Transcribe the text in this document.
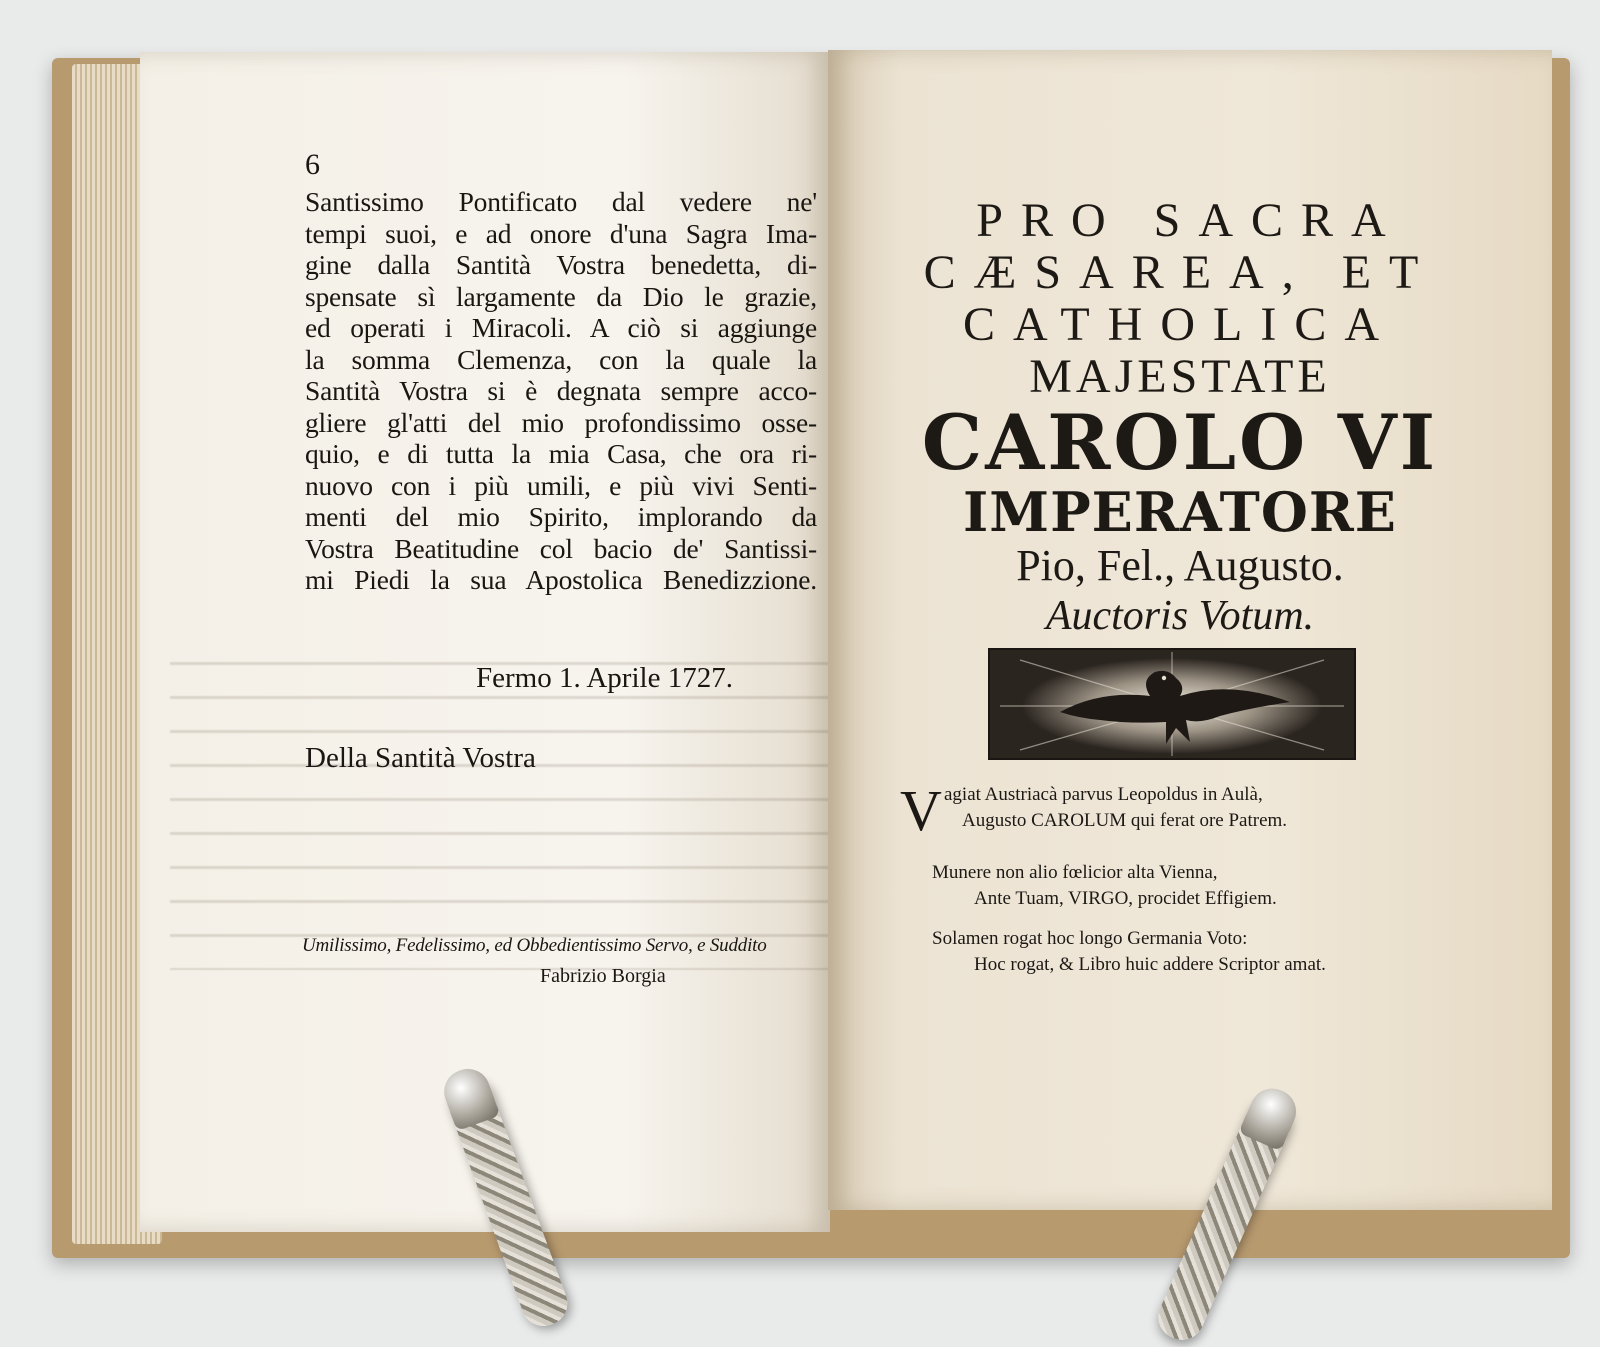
6
Santissimo Pontificato dal vedere ne'
tempi suoi, e ad onore d'una Sagra Ima-
gine dalla Santità Vostra benedetta, di-
spensate sì largamente da Dio le grazie,
ed operati i Miracoli. A ciò si aggiunge
la somma Clemenza, con la quale la
Santità Vostra si è degnata sempre acco-
gliere gl'atti del mio profondissimo osse-
quio, e di tutta la mia Casa, che ora ri-
nuovo con i più umili, e più vivi Senti-
menti del mio Spirito, implorando da
Vostra Beatitudine col bacio de' Santissi-
mi Piedi la sua Apostolica Benedizzione.
Fermo 1. Aprile 1727.
Della Santità Vostra
Umilissimo, Fedelissimo, ed Obbedientissimo Servo, e Suddito
Fabrizio Borgia
PRO SACRA
CÆSAREA, ET
CATHOLICA
MAJESTATE
CAROLO VI
IMPERATORE
Pio, Fel., Augusto.
Auctoris Votum.
V agiat Austriacà parvus Leopoldus in Aulà,
Augusto CAROLUM qui ferat ore Patrem.
Munere non alio fœlicior alta Vienna,
Ante Tuam, VIRGO, procidet Effigiem.
Solamen rogat hoc longo Germania Voto:
Hoc rogat, & Libro huic addere Scriptor amat.
